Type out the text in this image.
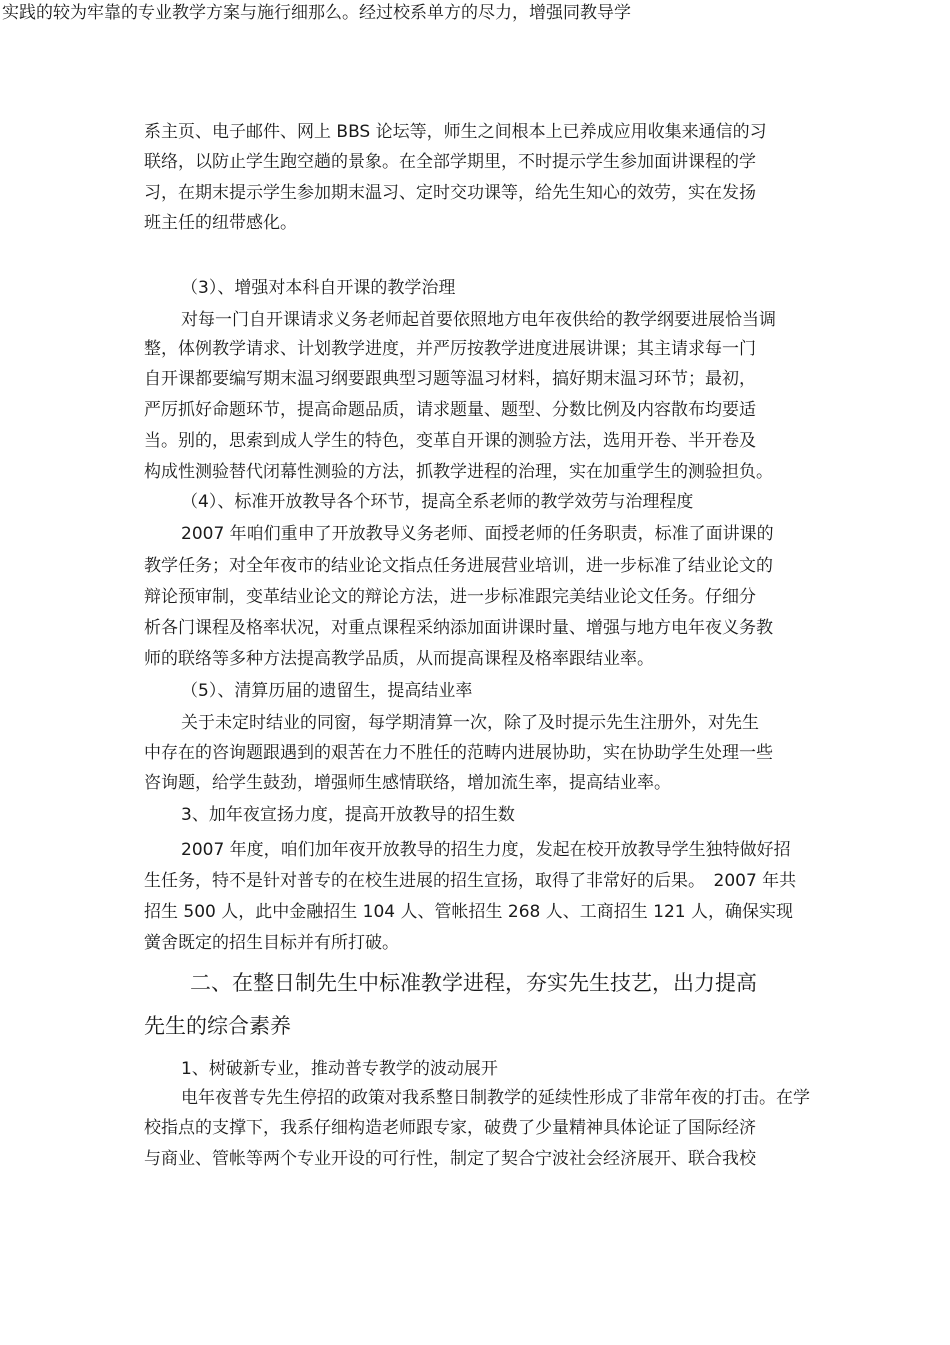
实践的较为牢靠的专业教学方案与施行细那么。经过校系单方的尽力，增强同教导学
系主页、电子邮件、网上 BBS 论坛等，师生之间根本上已养成应用收集来通信的习
联络，以防止学生跑空趟的景象。在全部学期里，不时提示学生参加面讲课程的学
习，在期末提示学生参加期末温习、定时交功课等，给先生知心的效劳，实在发扬
班主任的纽带感化。
（3）、增强对本科自开课的教学治理
对每一门自开课请求义务老师起首要依照地方电年夜供给的教学纲要进展恰当调
整，体例教学请求、计划教学进度，并严厉按教学进度进展讲课；其主请求每一门
自开课都要编写期末温习纲要跟典型习题等温习材料，搞好期末温习环节；最初，
严厉抓好命题环节，提高命题品质，请求题量、题型、分数比例及内容散布均要适
当。别的，思索到成人学生的特色，变革自开课的测验方法，选用开卷、半开卷及
构成性测验替代闭幕性测验的方法，抓教学进程的治理，实在加重学生的测验担负。
（4）、标准开放教导各个环节，提高全系老师的教学效劳与治理程度
2007 年咱们重申了开放教导义务老师、面授老师的任务职责，标准了面讲课的
教学任务；对全年夜市的结业论文指点任务进展营业培训，进一步标准了结业论文的
辩论预审制，变革结业论文的辩论方法，进一步标准跟完美结业论文任务。仔细分
析各门课程及格率状况，对重点课程采纳添加面讲课时量、增强与地方电年夜义务教
师的联络等多种方法提高教学品质，从而提高课程及格率跟结业率。
（5）、清算历届的遗留生，提高结业率
关于未定时结业的同窗，每学期清算一次，除了及时提示先生注册外，对先生
中存在的咨询题跟遇到的艰苦在力不胜任的范畴内进展协助，实在协助学生处理一些
咨询题，给学生鼓劲，增强师生感情联络，增加流生率，提高结业率。
3、加年夜宣扬力度，提高开放教导的招生数
2007 年度，咱们加年夜开放教导的招生力度，发起在校开放教导学生独特做好招
生任务，特不是针对普专的在校生进展的招生宣扬，取得了非常好的后果。　2007 年共
招生 500 人，此中金融招生 104 人、管帐招生 268 人、工商招生 121 人，确保实现
黉舍既定的招生目标并有所打破。
二、在整日制先生中标准教学进程，夯实先生技艺，出力提高
先生的综合素养
1、树破新专业，推动普专教学的波动展开
电年夜普专先生停招的政策对我系整日制教学的延续性形成了非常年夜的打击。在学
校指点的支撑下，我系仔细构造老师跟专家，破费了少量精神具体论证了国际经济
与商业、管帐等两个专业开设的可行性，制定了契合宁波社会经济展开、联合我校
